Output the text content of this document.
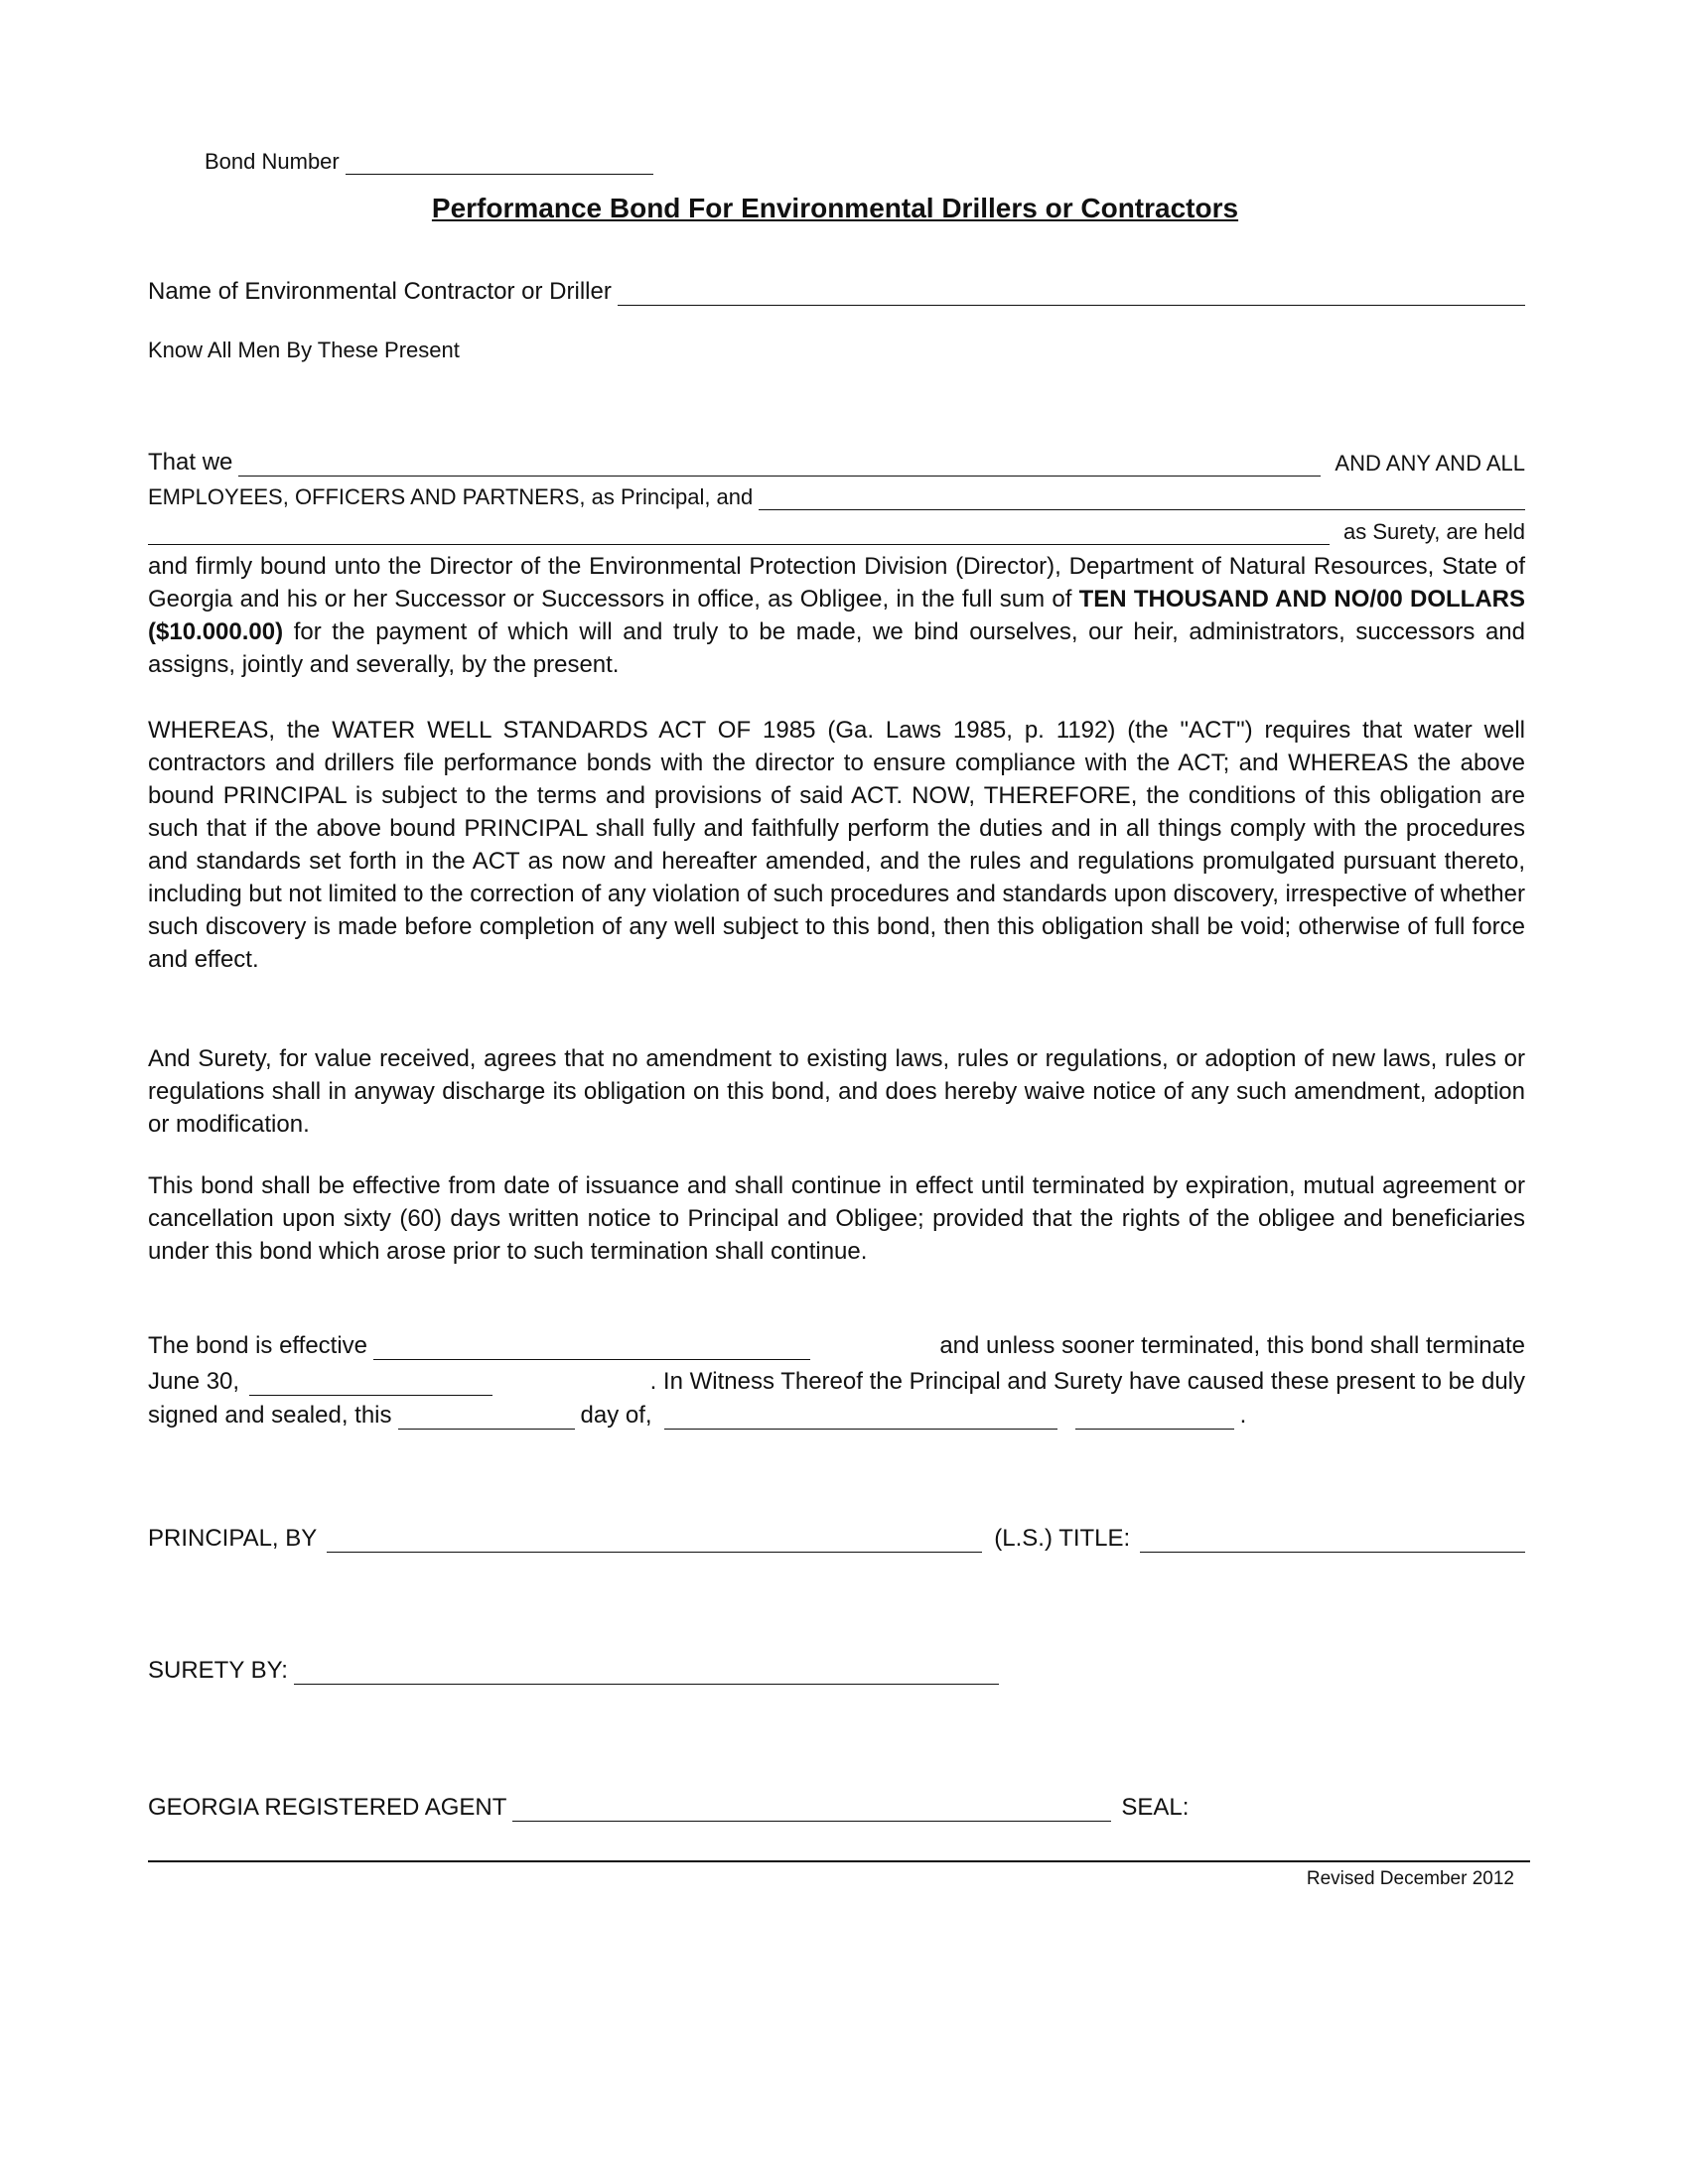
Bond Number
Performance Bond For Environmental Drillers or Contractors
Name of Environmental Contractor or Driller
Know All Men By These Present
That we	AND ANY AND ALL
EMPLOYEES, OFFICERS AND PARTNERS, as Principal, and
as Surety, are held

and firmly bound unto the Director of the Environmental Protection Division (Director), Department of Natural Resources, State of Georgia and his or her Successor or Successors in office, as Obligee, in the full sum of TEN THOUSAND AND NO/00 DOLLARS ($10.000.00) for the payment of which will and truly to be made, we bind ourselves, our heir, administrators, successors and assigns, jointly and severally, by the present.

WHEREAS, the WATER WELL STANDARDS ACT OF 1985 (Ga. Laws 1985, p. 1192) (the "ACT") requires that water well contractors and drillers file performance bonds with the director to ensure compliance with the ACT; and WHEREAS the above bound PRINCIPAL is subject to the terms and provisions of said ACT. NOW, THEREFORE, the conditions of this obligation are such that if the above bound PRINCIPAL shall fully and faithfully perform the duties and in all things comply with the procedures and standards set forth in the ACT as now and hereafter amended, and the rules and regulations promulgated pursuant thereto, including but not limited to the correction of any violation of such procedures and standards upon discovery, irrespective of whether such discovery is made before completion of any well subject to this bond, then this obligation shall be void; otherwise of full force and effect.

And Surety, for value received, agrees that no amendment to existing laws, rules or regulations, or adoption of new laws, rules or regulations shall in anyway discharge its obligation on this bond, and does hereby waive notice of any such amendment, adoption or modification.

This bond shall be effective from date of issuance and shall continue in effect until terminated by expiration, mutual agreement or cancellation upon sixty (60) days written notice to Principal and Obligee; provided that the rights of the obligee and beneficiaries under this bond which arose prior to such termination shall continue.

The bond is effective	and unless sooner terminated, this bond shall terminate
June 30,	. In Witness Thereof the Principal and Surety have caused these present to be duly
signed and sealed, this	day of,	.
PRINCIPAL, BY	(L.S.) TITLE:
SURETY BY:
GEORGIA REGISTERED AGENT	SEAL:
Revised December 2012
